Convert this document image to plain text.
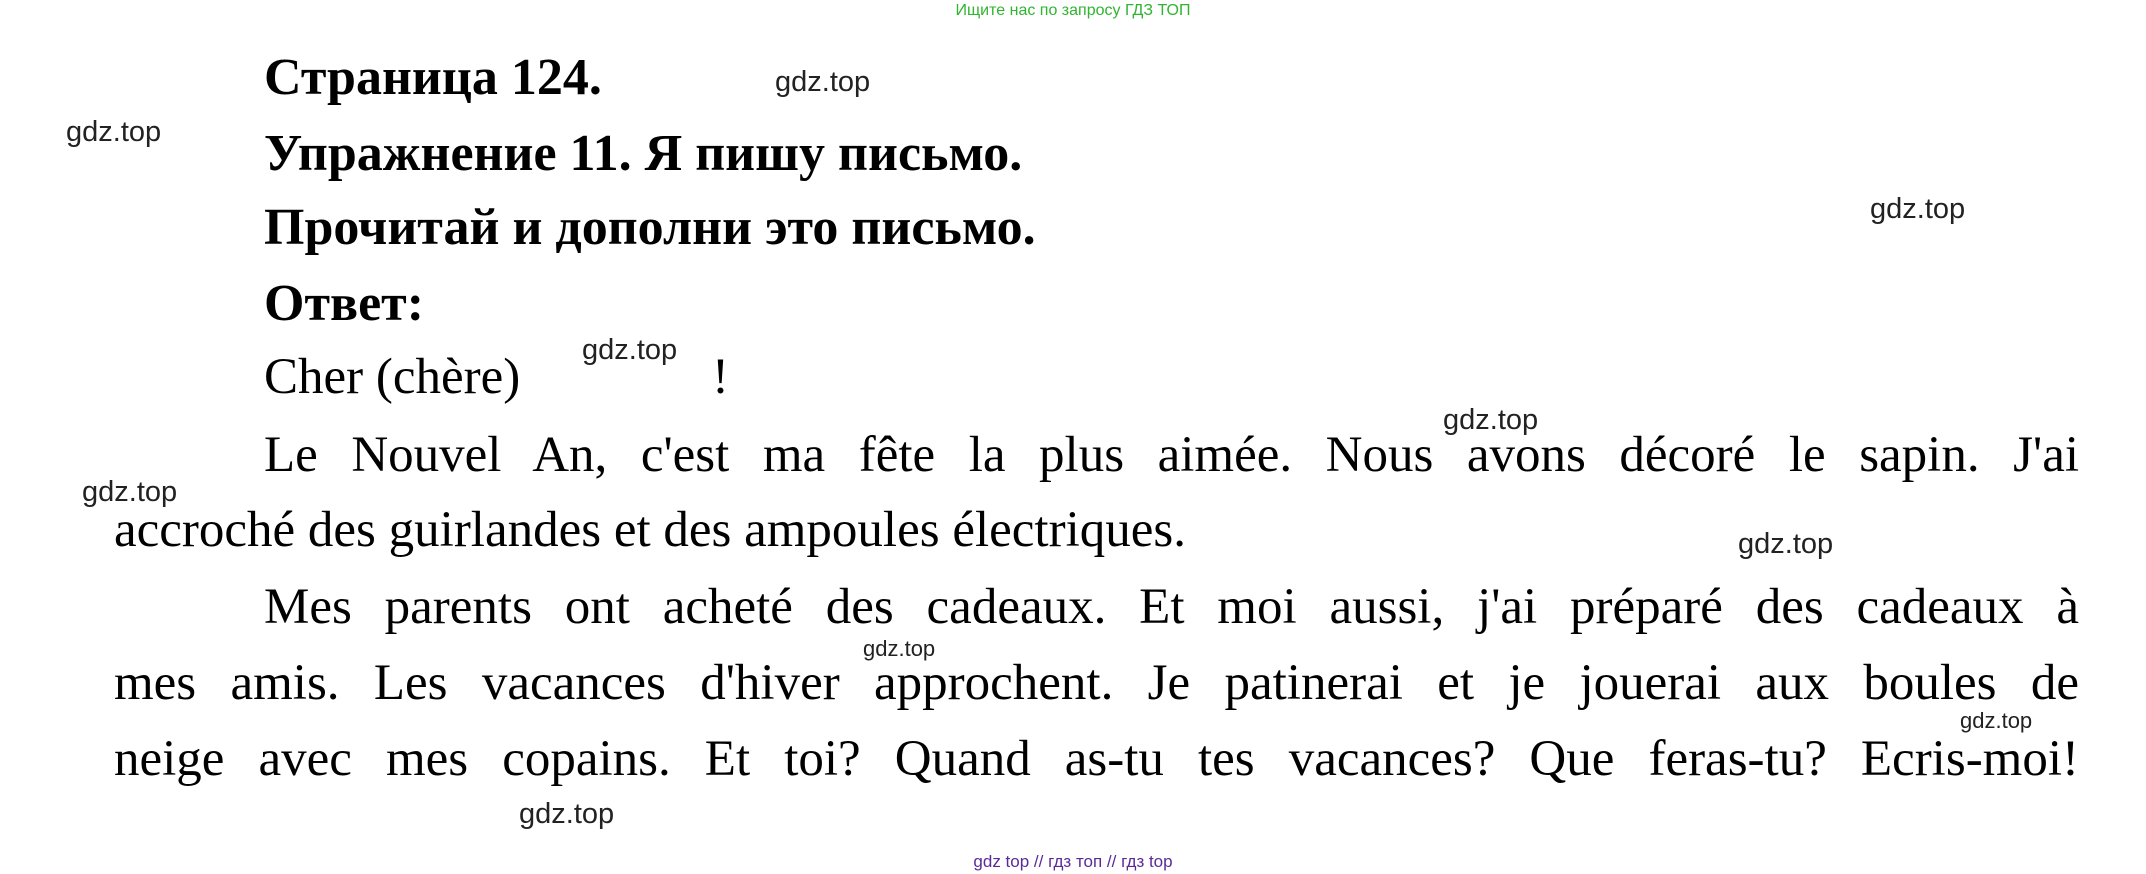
Ищите нас по запросу ГДЗ ТОП
Страница 124.
Упражнение 11. Я пишу письмо.
Прочитай и дополни это письмо.
Ответ:
Cher (chère)	!
Le Nouvel An, c'est ma fête la plus aimée. Nous avons décoré le sapin. J'ai
accroché des guirlandes et des ampoules électriques.
Mes parents ont acheté des cadeaux. Et moi aussi, j'ai préparé des cadeaux à
mes amis. Les vacances d'hiver approchent. Je patinerai et je jouerai aux boules de
neige avec mes copains. Et toi? Quand as-tu tes vacances? Que feras-tu? Ecris-moi!
gdz.top
gdz.top
gdz.top
gdz.top
gdz.top
gdz.top
gdz.top
gdz.top
gdz.top
gdz.top
gdz top // гдз топ // гдз top
